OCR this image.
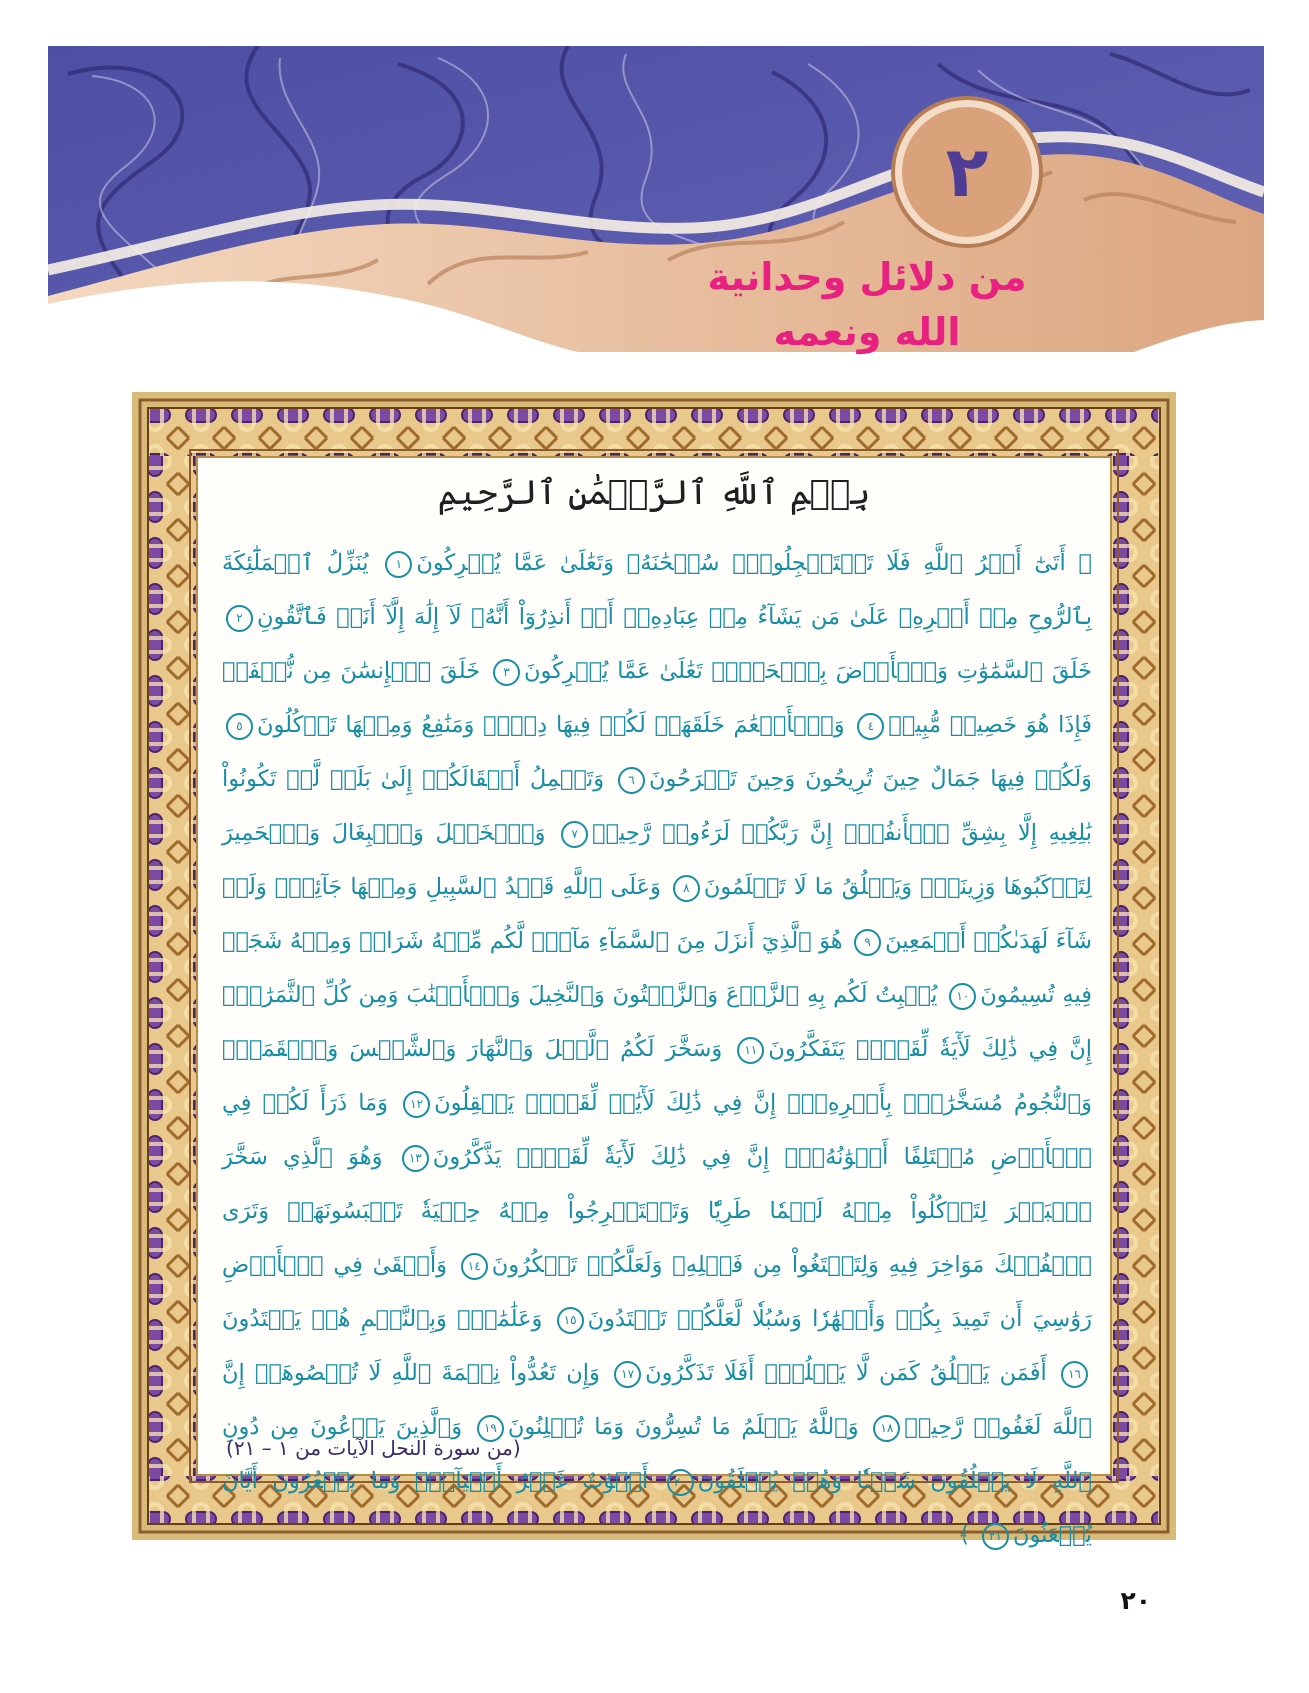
٢
من دلائل وحدانية
الله ونعمه
بِسۡمِ ٱللَّهِ ٱلرَّحۡمَٰنِ ٱلرَّحِيمِ
﴿ أَتَىٰٓ أَمۡرُ ٱللَّهِ فَلَا تَسۡتَعۡجِلُوهُۚ سُبۡحَٰنَهُۥ وَتَعَٰلَىٰ عَمَّا يُشۡرِكُونَ١ يُنَزِّلُ ٱلۡمَلَٰٓئِكَةَ بِٱلرُّوحِ مِنۡ أَمۡرِهِۦ عَلَىٰ مَن يَشَآءُ مِنۡ عِبَادِهِۦٓ أَنۡ أَنذِرُوٓاْ أَنَّهُۥ لَآ إِلَٰهَ إِلَّآ أَنَا۠ فَٱتَّقُونِ٢ خَلَقَ ٱلسَّمَٰوَٰتِ وَٱلۡأَرۡضَ بِٱلۡحَقِّۚ تَعَٰلَىٰ عَمَّا يُشۡرِكُونَ٣ خَلَقَ ٱلۡإِنسَٰنَ مِن نُّطۡفَةٖ فَإِذَا هُوَ خَصِيمٞ مُّبِينٞ٤ وَٱلۡأَنۡعَٰمَ خَلَقَهَاۖ لَكُمۡ فِيهَا دِفۡءٞ وَمَنَٰفِعُ وَمِنۡهَا تَأۡكُلُونَ٥ وَلَكُمۡ فِيهَا جَمَالٌ حِينَ تُرِيحُونَ وَحِينَ تَسۡرَحُونَ٦ وَتَحۡمِلُ أَثۡقَالَكُمۡ إِلَىٰ بَلَدٖ لَّمۡ تَكُونُواْ بَٰلِغِيهِ إِلَّا بِشِقِّ ٱلۡأَنفُسِۚ إِنَّ رَبَّكُمۡ لَرَءُوفٞ رَّحِيمٞ٧ وَٱلۡخَيۡلَ وَٱلۡبِغَالَ وَٱلۡحَمِيرَ لِتَرۡكَبُوهَا وَزِينَةٗۚ وَيَخۡلُقُ مَا لَا تَعۡلَمُونَ٨ وَعَلَى ٱللَّهِ قَصۡدُ ٱلسَّبِيلِ وَمِنۡهَا جَآئِرٞۚ وَلَوۡ شَآءَ لَهَدَىٰكُمۡ أَجۡمَعِينَ٩ هُوَ ٱلَّذِيٓ أَنزَلَ مِنَ ٱلسَّمَآءِ مَآءٗۖ لَّكُم مِّنۡهُ شَرَابٞ وَمِنۡهُ شَجَرٞ فِيهِ تُسِيمُونَ١٠ يُنۢبِتُ لَكُم بِهِ ٱلزَّرۡعَ وَٱلزَّيۡتُونَ وَٱلنَّخِيلَ وَٱلۡأَعۡنَٰبَ وَمِن كُلِّ ٱلثَّمَرَٰتِۚ إِنَّ فِي ذَٰلِكَ لَأٓيَةٗ لِّقَوۡمٖ يَتَفَكَّرُونَ١١ وَسَخَّرَ لَكُمُ ٱلَّيۡلَ وَٱلنَّهَارَ وَٱلشَّمۡسَ وَٱلۡقَمَرَۖ وَٱلنُّجُومُ مُسَخَّرَٰتُۢ بِأَمۡرِهِۦٓۚ إِنَّ فِي ذَٰلِكَ لَأٓيَٰتٖ لِّقَوۡمٖ يَعۡقِلُونَ١٢ وَمَا ذَرَأَ لَكُمۡ فِي ٱلۡأَرۡضِ مُخۡتَلِفًا أَلۡوَٰنُهُۥٓۚ إِنَّ فِي ذَٰلِكَ لَأٓيَةٗ لِّقَوۡمٖ يَذَّكَّرُونَ١٣ وَهُوَ ٱلَّذِي سَخَّرَ ٱلۡبَحۡرَ لِتَأۡكُلُواْ مِنۡهُ لَحۡمٗا طَرِيّٗا وَتَسۡتَخۡرِجُواْ مِنۡهُ حِلۡيَةٗ تَلۡبَسُونَهَاۖ وَتَرَى ٱلۡفُلۡكَ مَوَاخِرَ فِيهِ وَلِتَبۡتَغُواْ مِن فَضۡلِهِۦ وَلَعَلَّكُمۡ تَشۡكُرُونَ١٤ وَأَلۡقَىٰ فِي ٱلۡأَرۡضِ رَوَٰسِيَ أَن تَمِيدَ بِكُمۡ وَأَنۡهَٰرٗا وَسُبُلٗا لَّعَلَّكُمۡ تَهۡتَدُونَ١٥ وَعَلَٰمَٰتٖۚ وَبِٱلنَّجۡمِ هُمۡ يَهۡتَدُونَ١٦ أَفَمَن يَخۡلُقُ كَمَن لَّا يَخۡلُقُۚ أَفَلَا تَذَكَّرُونَ١٧ وَإِن تَعُدُّواْ نِعۡمَةَ ٱللَّهِ لَا تُحۡصُوهَآۗ إِنَّ ٱللَّهَ لَغَفُورٞ رَّحِيمٞ١٨ وَٱللَّهُ يَعۡلَمُ مَا تُسِرُّونَ وَمَا تُعۡلِنُونَ١٩ وَٱلَّذِينَ يَدۡعُونَ مِن دُونِ ٱللَّهِ لَا يَخۡلُقُونَ شَيۡـٔٗا وَهُمۡ يُخۡلَقُونَ٢٠ أَمۡوَٰتٌ غَيۡرُ أَحۡيَآءٖۖ وَمَا يَشۡعُرُونَ أَيَّانَ يُبۡعَثُونَ٢١ ﴾
(من سورة النحل الآيات من ١ – ٢١)
٢٠
